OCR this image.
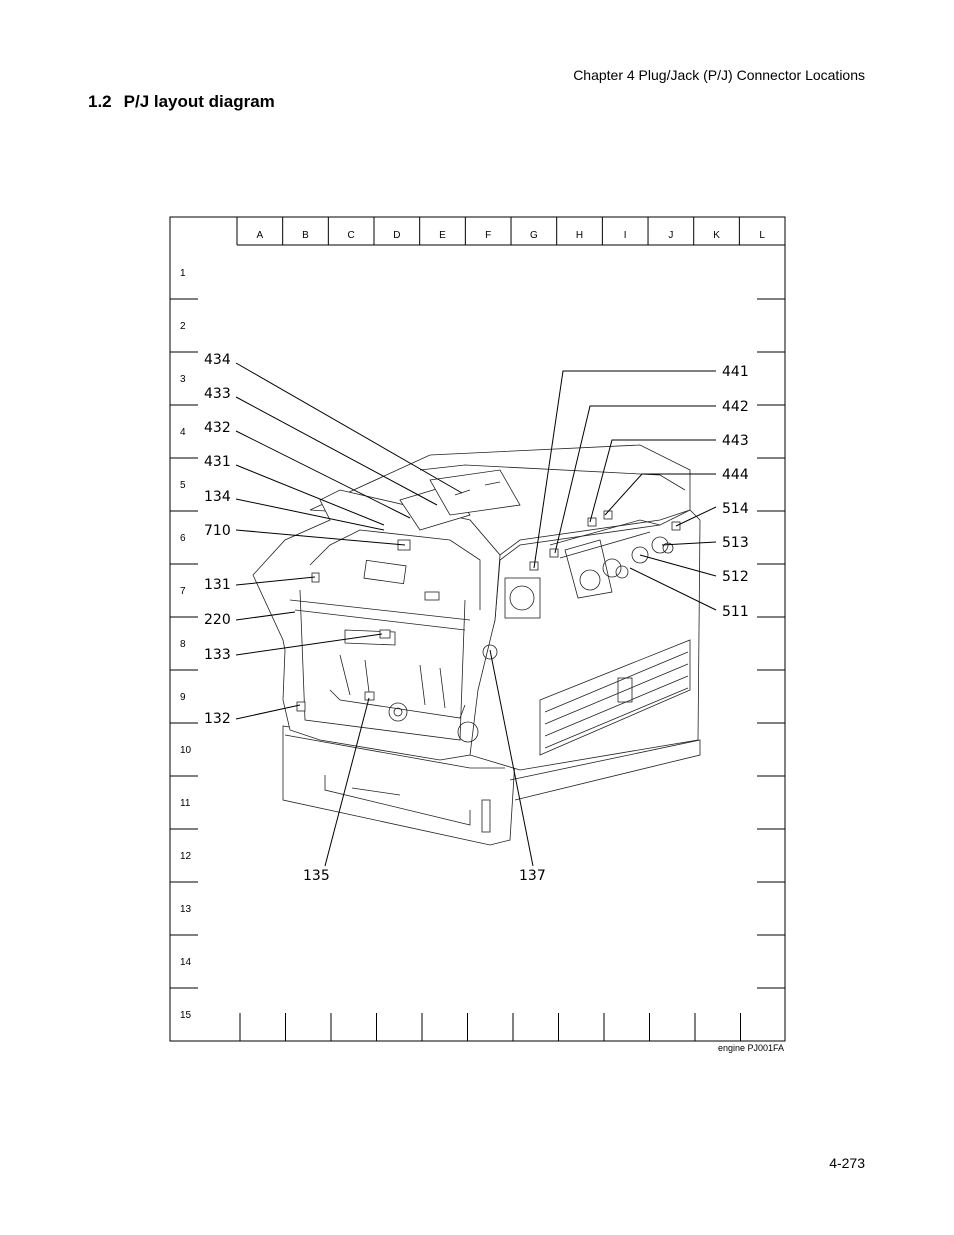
Chapter 4 Plug/Jack (P/J) Connector Locations
1.2 P/J layout diagram
A	B	C	D	E	F	G	H	I	J	K	L
1
2
3
4
5
6
7
8
9
10
11
12
13
14
15
434
433
432
431
134
710
131
220
133
132
441
442
443
444
514
513
512
511
135	137
engine PJ001FA
4-273
